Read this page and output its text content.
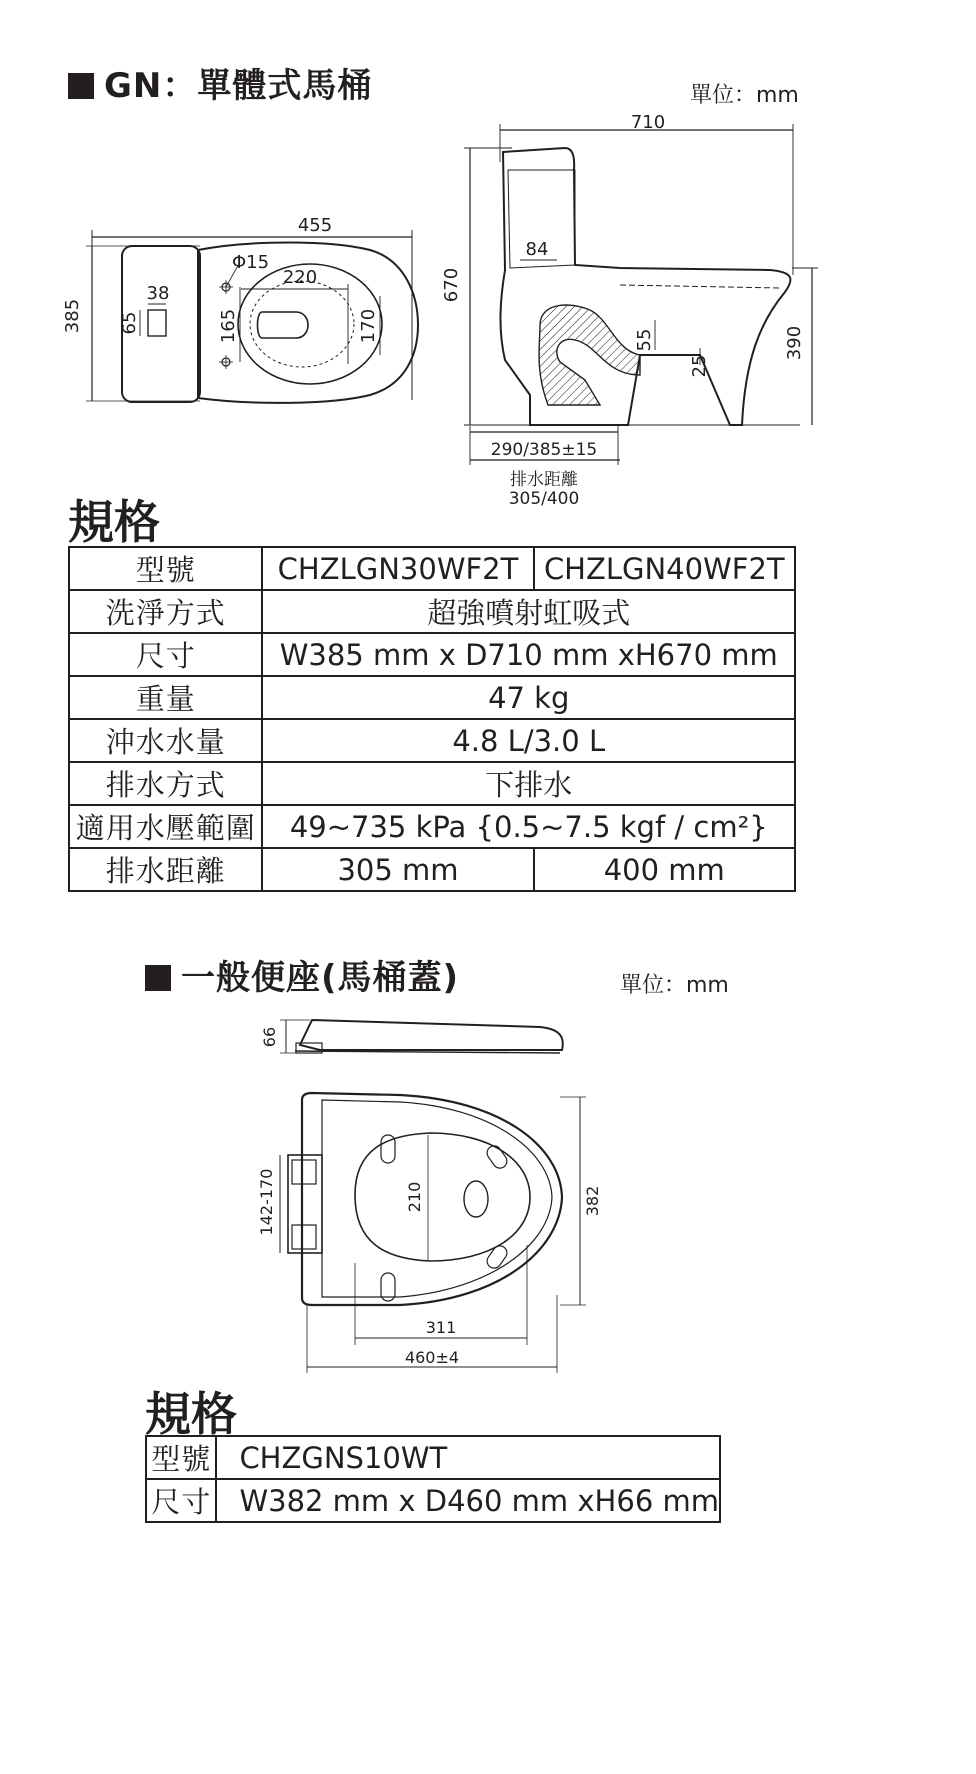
GN：單體式馬桶	單位：mm
455
385
38
65
Φ15
220
165	170
710
670
84
55
25
390
290/385±15
排水距離
305/400
規格
型號	CHZLGN30WF2T	CHZLGN40WF2T
洗淨方式	超強噴射虹吸式	
尺寸	W385 mm x D710 mm xH670 mm	
重量	47 kg	
沖水水量	4.8 L/3.0 L	
排水方式	下排水	
適用水壓範圍	49~735 kPa {0.5~7.5 kgf / cm²}	
排水距離	305 mm	400 mm
一般便座(馬桶蓋)	單位：mm
66
142-170	210	382
311
460±4
規格
型號	CHZGNS10WT
尺寸	W382 mm x D460 mm xH66 mm
